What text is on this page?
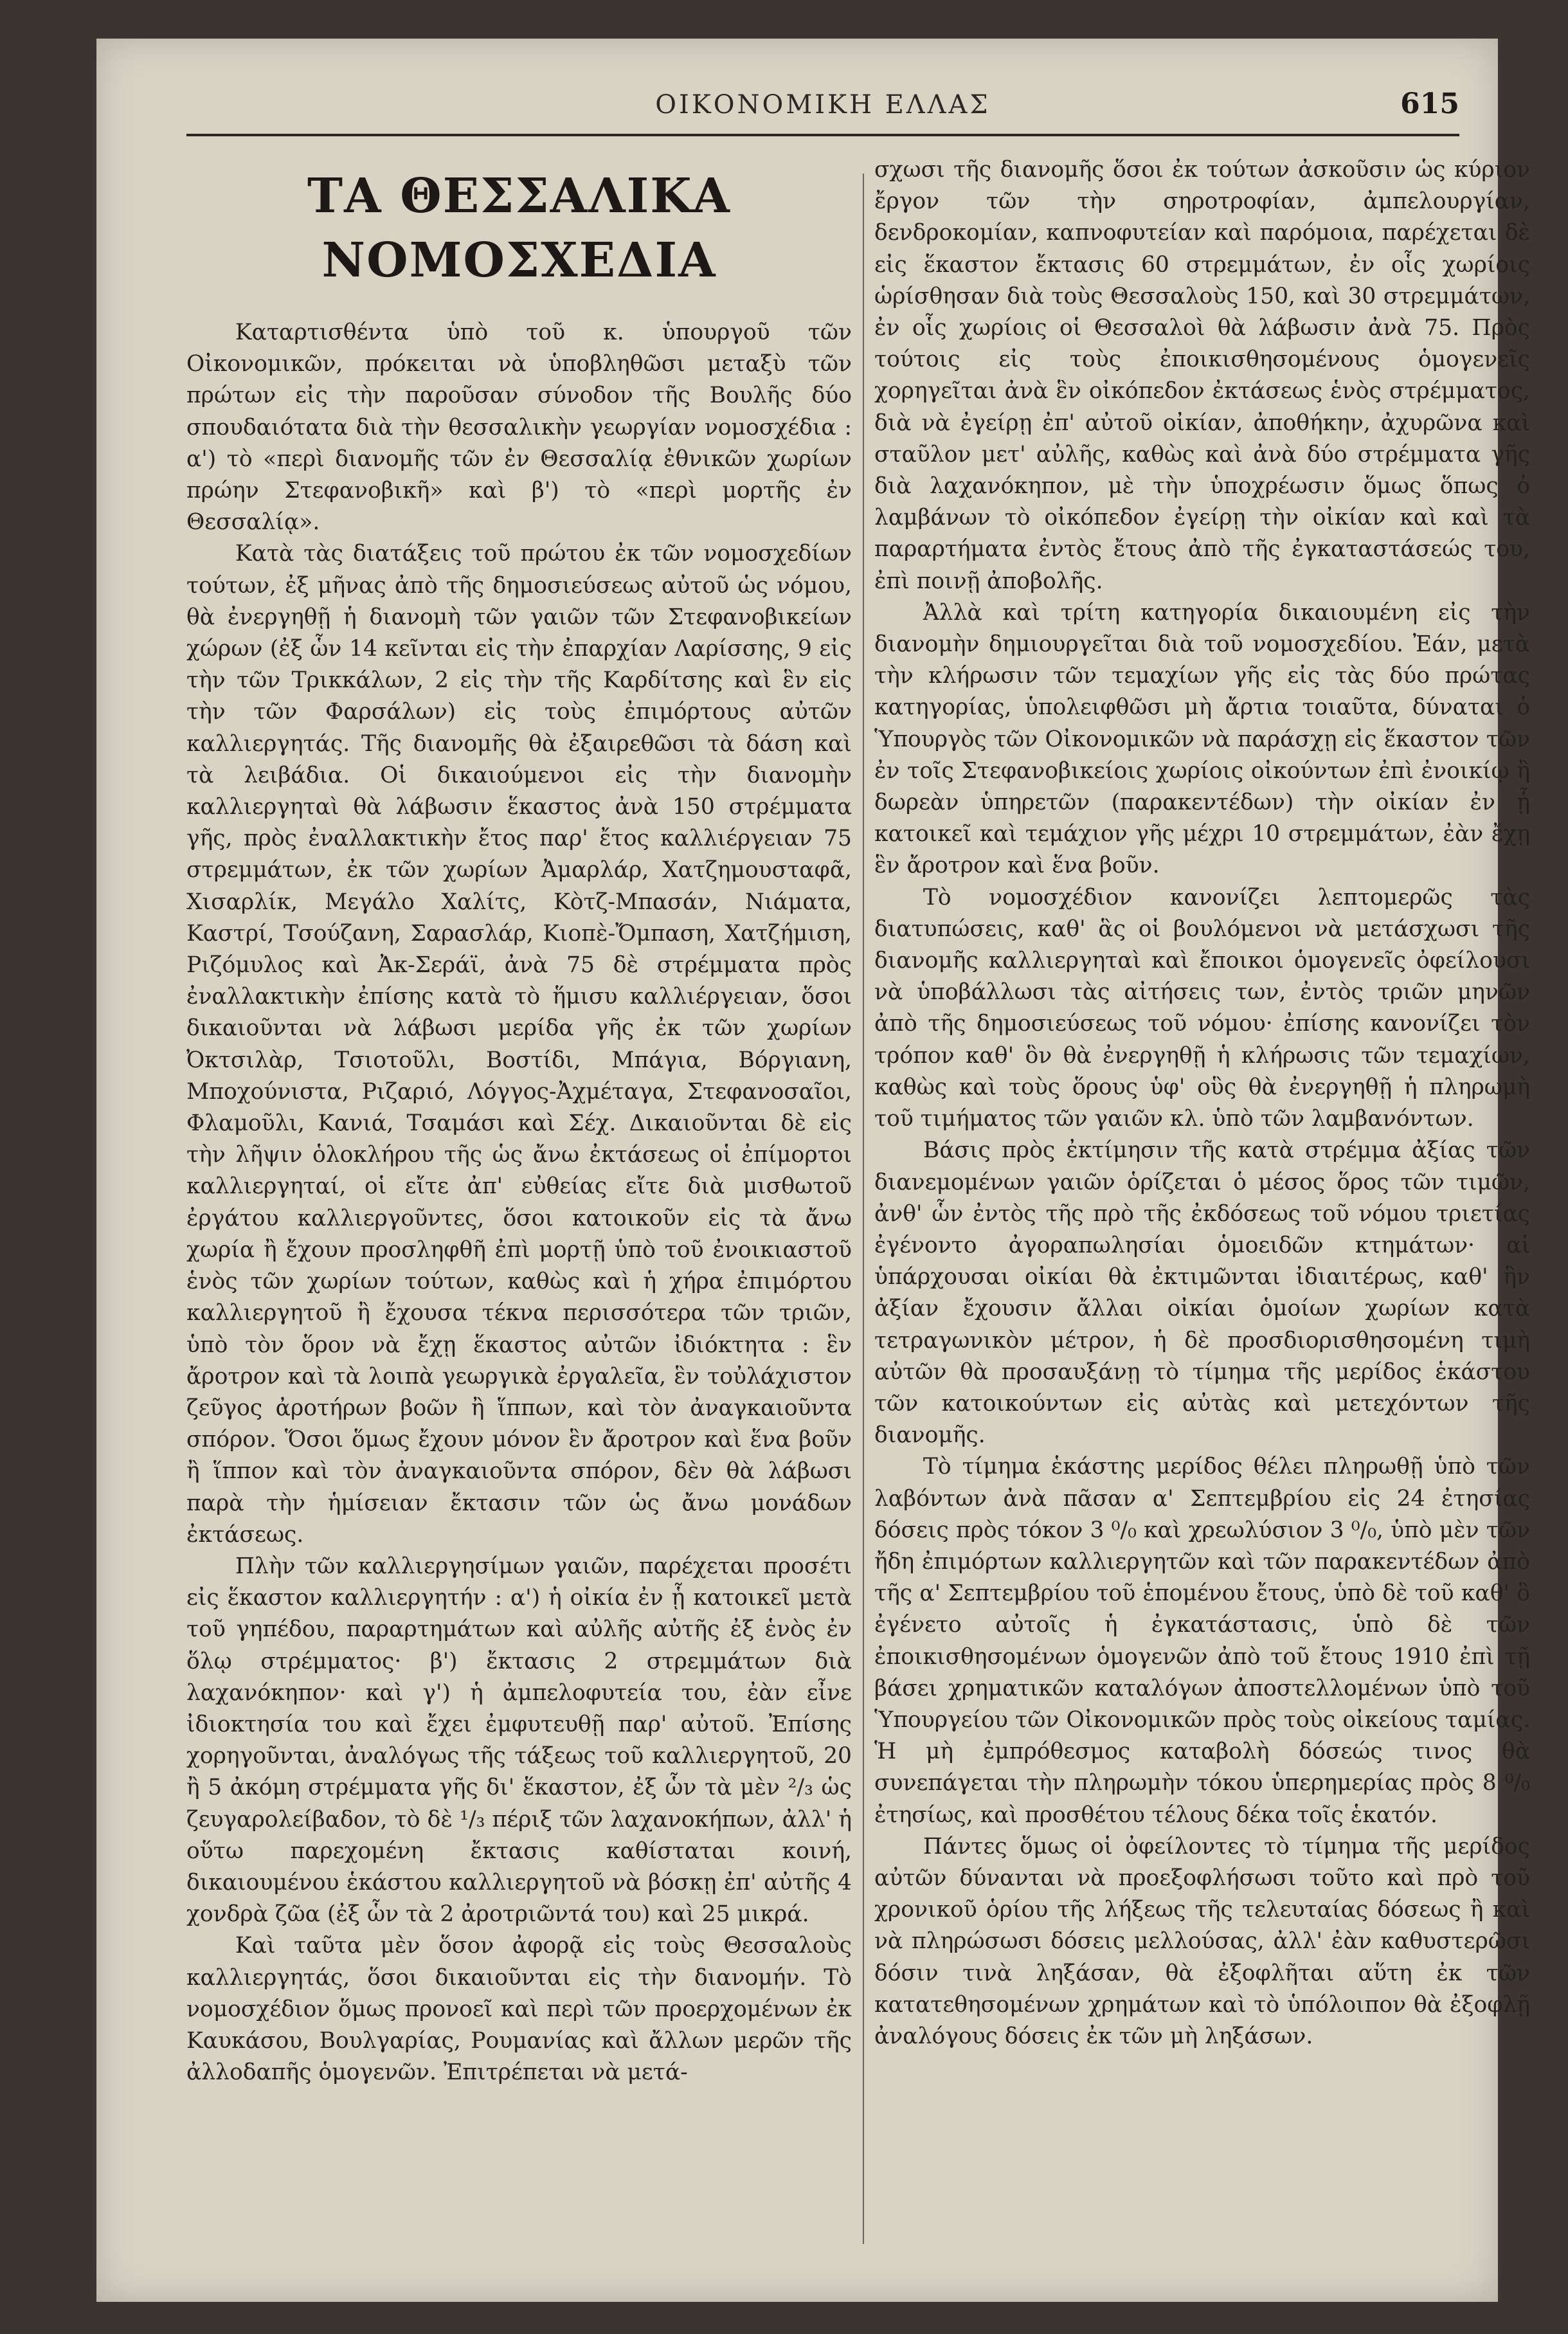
ΟΙΚΟΝΟΜΙΚΗ ΕΛΛΑΣ	615
ΤΑ ΘΕΣΣΑΛΙΚΑ ΝΟΜΟΣΧΕΔΙΑ

Καταρτισθέντα ὑπὸ τοῦ κ. ὑπουργοῦ τῶν Οἰκονομικῶν, πρόκειται νὰ ὑποβληθῶσι μεταξὺ τῶν πρώτων εἰς τὴν παροῦσαν σύνοδον τῆς Βουλῆς δύο σπουδαιότατα διὰ τὴν θεσσαλικὴν γεωργίαν νομοσχέδια : α') τὸ «περὶ διανομῆς τῶν ἐν Θεσσαλίᾳ ἐθνικῶν χωρίων πρώην Στεφανοβικῆ» καὶ β') τὸ «περὶ μορτῆς ἐν Θεσσαλίᾳ».

Κατὰ τὰς διατάξεις τοῦ πρώτου ἐκ τῶν νομοσχεδίων τούτων, ἐξ μῆνας ἀπὸ τῆς δημοσιεύσεως αὐτοῦ ὡς νόμου, θὰ ἐνεργηθῇ ἡ διανομὴ τῶν γαιῶν τῶν Στεφανοβικείων χώρων (ἐξ ὧν 14 κεῖνται εἰς τὴν ἐπαρχίαν Λαρίσσης, 9 εἰς τὴν τῶν Τρικκάλων, 2 εἰς τὴν τῆς Καρδίτσης καὶ ἓν εἰς τὴν τῶν Φαρσάλων) εἰς τοὺς ἐπιμόρτους αὐτῶν καλλιεργητάς. Τῆς διανομῆς θὰ ἐξαιρεθῶσι τὰ δάση καὶ τὰ λειβάδια. Οἱ δικαιούμενοι εἰς τὴν διανομὴν καλλιεργηταὶ θὰ λάβωσιν ἕκαστος ἀνὰ 150 στρέμματα γῆς, πρὸς ἐναλλακτικὴν ἔτος παρ' ἔτος καλλιέργειαν 75 στρεμμάτων, ἐκ τῶν χωρίων Ἀμαρλάρ, Χατζημουσταφᾶ, Χισαρλίκ, Μεγάλο Χαλίτς, Κὸτζ-Μπασάν, Νιάματα, Καστρί, Τσούζανη, Σαρασλάρ, Κιοπὲ-Ὄμπαση, Χατζήμιση, Ριζόμυλος καὶ Ἀκ-Σεράϊ, ἀνὰ 75 δὲ στρέμματα πρὸς ἐναλλακτικὴν ἐπίσης κατὰ τὸ ἥμισυ καλλιέργειαν, ὅσοι δικαιοῦνται νὰ λάβωσι μερίδα γῆς ἐκ τῶν χωρίων Ὀκτσιλὰρ, Τσιοτοῦλι, Βοστίδι, Μπάγια, Βόργιανη, Μποχούνιστα, Ριζαριό, Λόγγος-Ἀχμέταγα, Στεφανοσαῖοι, Φλαμοῦλι, Κανιά, Τσαμάσι καὶ Σέχ. Δικαιοῦνται δὲ εἰς τὴν λῆψιν ὁλοκλήρου τῆς ὡς ἄνω ἐκτάσεως οἱ ἐπίμορτοι καλλιεργηταί, οἱ εἴτε ἀπ' εὐθείας εἴτε διὰ μισθωτοῦ ἐργάτου καλλιεργοῦντες, ὅσοι κατοικοῦν εἰς τὰ ἄνω χωρία ἢ ἔχουν προσληφθῆ ἐπὶ μορτῇ ὑπὸ τοῦ ἐνοικιαστοῦ ἑνὸς τῶν χωρίων τούτων, καθὼς καὶ ἡ χήρα ἐπιμόρτου καλλιεργητοῦ ἢ ἔχουσα τέκνα περισσότερα τῶν τριῶν, ὑπὸ τὸν ὅρον νὰ ἔχῃ ἕκαστος αὐτῶν ἰδιόκτητα : ἓν ἄροτρον καὶ τὰ λοιπὰ γεωργικὰ ἐργαλεῖα, ἓν τοὐλάχιστον ζεῦγος ἀροτήρων βοῶν ἢ ἵππων, καὶ τὸν ἀναγκαιοῦντα σπόρον. Ὅσοι ὅμως ἔχουν μόνον ἓν ἄροτρον καὶ ἕνα βοῦν ἢ ἵππον καὶ τὸν ἀναγκαιοῦντα σπόρον, δὲν θὰ λάβωσι παρὰ τὴν ἡμίσειαν ἔκτασιν τῶν ὡς ἄνω μονάδων ἐκτάσεως.

Πλὴν τῶν καλλιεργησίμων γαιῶν, παρέχεται προσέτι εἰς ἕκαστον καλλιεργητήν : α') ἡ οἰκία ἐν ᾗ κατοικεῖ μετὰ τοῦ γηπέδου, παραρτημάτων καὶ αὐλῆς αὐτῆς ἐξ ἑνὸς ἐν ὅλῳ στρέμματος· β') ἔκτασις 2 στρεμμάτων διὰ λαχανόκηπον· καὶ γ') ἡ ἀμπελοφυτεία του, ἐὰν εἶνε ἰδιοκτησία του καὶ ἔχει ἐμφυτευθῇ παρ' αὐτοῦ. Ἐπίσης χορηγοῦνται, ἀναλόγως τῆς τάξεως τοῦ καλλιεργητοῦ, 20 ἢ 5 ἀκόμη στρέμματα γῆς δι' ἕκαστον, ἐξ ὧν τὰ μὲν ²/₃ ὡς ζευγαρολείβαδον, τὸ δὲ ¹/₃ πέριξ τῶν λαχανοκήπων, ἀλλ' ἡ οὕτω παρεχομένη ἔκτασις καθίσταται κοινή, δικαιουμένου ἑκάστου καλλιεργητοῦ νὰ βόσκῃ ἐπ' αὐτῆς 4 χονδρὰ ζῶα (ἐξ ὧν τὰ 2 ἀροτριῶντά του) καὶ 25 μικρά.

Καὶ ταῦτα μὲν ὅσον ἀφορᾷ εἰς τοὺς Θεσσαλοὺς καλλιεργητάς, ὅσοι δικαιοῦνται εἰς τὴν διανομήν. Τὸ νομοσχέδιον ὅμως προνοεῖ καὶ περὶ τῶν προερχομένων ἐκ Καυκάσου, Βουλγαρίας, Ρουμανίας καὶ ἄλλων μερῶν τῆς ἀλλοδαπῆς ὁμογενῶν. Ἐπιτρέπεται νὰ μετά-

σχωσι τῆς διανομῆς ὅσοι ἐκ τούτων ἀσκοῦσιν ὡς κύριον ἔργον τῶν τὴν σηροτροφίαν, ἀμπελουργίαν, δενδροκομίαν, καπνοφυτείαν καὶ παρόμοια, παρέχεται δὲ εἰς ἕκαστον ἔκτασις 60 στρεμμάτων, ἐν οἷς χωρίοις ὡρίσθησαν διὰ τοὺς Θεσσαλοὺς 150, καὶ 30 στρεμμάτων, ἐν οἷς χωρίοις οἱ Θεσσαλοὶ θὰ λάβωσιν ἀνὰ 75. Πρὸς τούτοις εἰς τοὺς ἐποικισθησομένους ὁμογενεῖς χορηγεῖται ἀνὰ ἓν οἰκόπεδον ἐκτάσεως ἑνὸς στρέμματος, διὰ νὰ ἐγείρῃ ἐπ' αὐτοῦ οἰκίαν, ἀποθήκην, ἀχυρῶνα καὶ σταῦλον μετ' αὐλῆς, καθὼς καὶ ἀνὰ δύο στρέμματα γῆς διὰ λαχανόκηπον, μὲ τὴν ὑποχρέωσιν ὅμως ὅπως ὁ λαμβάνων τὸ οἰκόπεδον ἐγείρῃ τὴν οἰκίαν καὶ καὶ τὰ παραρτήματα ἐντὸς ἔτους ἀπὸ τῆς ἐγκαταστάσεώς του, ἐπὶ ποινῇ ἀποβολῆς.

Ἀλλὰ καὶ τρίτη κατηγορία δικαιουμένη εἰς τὴν διανομὴν δημιουργεῖται διὰ τοῦ νομοσχεδίου. Ἐάν, μετὰ τὴν κλήρωσιν τῶν τεμαχίων γῆς εἰς τὰς δύο πρώτας κατηγορίας, ὑπολειφθῶσι μὴ ἄρτια τοιαῦτα, δύναται ὁ Ὑπουργὸς τῶν Οἰκονομικῶν νὰ παράσχῃ εἰς ἕκαστον τῶν ἐν τοῖς Στεφανοβικείοις χωρίοις οἰκούντων ἐπὶ ἐνοικίῳ ἢ δωρεὰν ὑπηρετῶν (παρακεντέδων) τὴν οἰκίαν ἐν ᾗ κατοικεῖ καὶ τεμάχιον γῆς μέχρι 10 στρεμμάτων, ἐὰν ἔχῃ ἓν ἄροτρον καὶ ἕνα βοῦν.

Τὸ νομοσχέδιον κανονίζει λεπτομερῶς τὰς διατυπώσεις, καθ' ἃς οἱ βουλόμενοι νὰ μετάσχωσι τῆς διανομῆς καλλιεργηταὶ καὶ ἔποικοι ὁμογενεῖς ὀφείλουσι νὰ ὑποβάλλωσι τὰς αἰτήσεις των, ἐντὸς τριῶν μηνῶν ἀπὸ τῆς δημοσιεύσεως τοῦ νόμου· ἐπίσης κανονίζει τὸν τρόπον καθ' ὃν θὰ ἐνεργηθῇ ἡ κλήρωσις τῶν τεμαχίων, καθὼς καὶ τοὺς ὅρους ὑφ' οὓς θὰ ἐνεργηθῇ ἡ πληρωμὴ τοῦ τιμήματος τῶν γαιῶν κλ. ὑπὸ τῶν λαμβανόντων.

Βάσις πρὸς ἐκτίμησιν τῆς κατὰ στρέμμα ἀξίας τῶν διανεμομένων γαιῶν ὁρίζεται ὁ μέσος ὅρος τῶν τιμῶν, ἀνθ' ὧν ἐντὸς τῆς πρὸ τῆς ἐκδόσεως τοῦ νόμου τριετίας ἐγένοντο ἀγοραπωλησίαι ὁμοειδῶν κτημάτων· αἱ ὑπάρχουσαι οἰκίαι θὰ ἐκτιμῶνται ἰδιαιτέρως, καθ' ἣν ἀξίαν ἔχουσιν ἄλλαι οἰκίαι ὁμοίων χωρίων κατὰ τετραγωνικὸν μέτρον, ἡ δὲ προσδιορισθησομένη τιμὴ αὐτῶν θὰ προσαυξάνῃ τὸ τίμημα τῆς μερίδος ἑκάστου τῶν κατοικούντων εἰς αὐτὰς καὶ μετεχόντων τῆς διανομῆς.

Τὸ τίμημα ἑκάστης μερίδος θέλει πληρωθῇ ὑπὸ τῶν λαβόντων ἀνὰ πᾶσαν α' Σεπτεμβρίου εἰς 24 ἐτησίας δόσεις πρὸς τόκον 3 ⁰/₀ καὶ χρεωλύσιον 3 ⁰/₀, ὑπὸ μὲν τῶν ἤδη ἐπιμόρτων καλλιεργητῶν καὶ τῶν παρακεντέδων ἀπὸ τῆς α' Σεπτεμβρίου τοῦ ἑπομένου ἔτους, ὑπὸ δὲ τοῦ καθ' ὃ ἐγένετο αὐτοῖς ἡ ἐγκατάστασις, ὑπὸ δὲ τῶν ἐποικισθησομένων ὁμογενῶν ἀπὸ τοῦ ἔτους 1910 ἐπὶ τῇ βάσει χρηματικῶν καταλόγων ἀποστελλομένων ὑπὸ τοῦ Ὑπουργείου τῶν Οἰκονομικῶν πρὸς τοὺς οἰκείους ταμίας. Ἡ μὴ ἐμπρόθεσμος καταβολὴ δόσεώς τινος θὰ συνεπάγεται τὴν πληρωμὴν τόκου ὑπερημερίας πρὸς 8 ⁰/₀ ἐτησίως, καὶ προσθέτου τέλους δέκα τοῖς ἑκατόν.

Πάντες ὅμως οἱ ὀφείλοντες τὸ τίμημα τῆς μερίδος αὐτῶν δύνανται νὰ προεξοφλήσωσι τοῦτο καὶ πρὸ τοῦ χρονικοῦ ὁρίου τῆς λήξεως τῆς τελευταίας δόσεως ἢ καὶ νὰ πληρώσωσι δόσεις μελλούσας, ἀλλ' ἐὰν καθυστερῶσι δόσιν τινὰ ληξάσαν, θὰ ἐξοφλῆται αὕτη ἐκ τῶν κατατεθησομένων χρημάτων καὶ τὸ ὑπόλοιπον θὰ ἐξοφλῇ ἀναλόγους δόσεις ἐκ τῶν μὴ ληξάσων.
